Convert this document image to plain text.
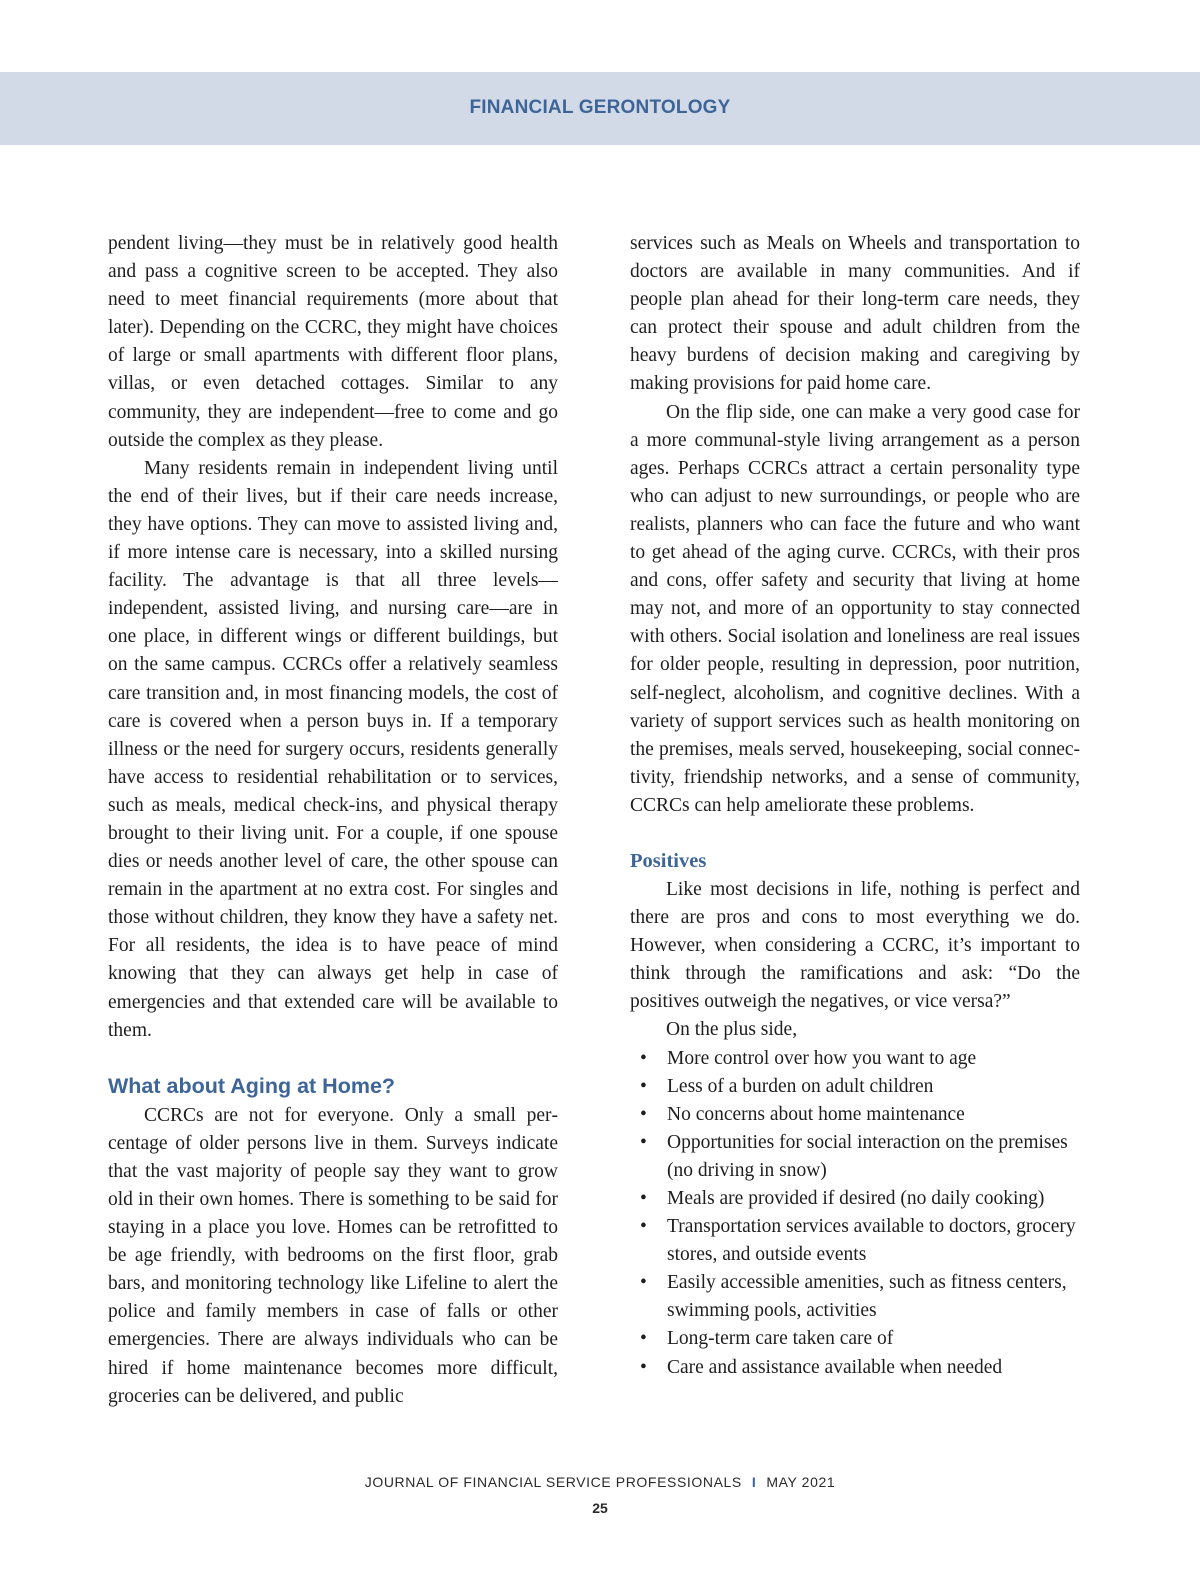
FINANCIAL GERONTOLOGY

pendent living—they must be in relatively good health and pass a cognitive screen to be accepted. They also need to meet financial requirements (more about that later). Depending on the CCRC, they might have choices of large or small apartments with different floor plans, villas, or even detached cottages. Similar to any community, they are independent—free to come and go outside the complex as they please.

Many residents remain in independent living until the end of their lives, but if their care needs increase, they have options. They can move to assisted living and, if more intense care is necessary, into a skilled nursing facility. The advantage is that all three levels—independent, assisted living, and nursing care—are in one place, in different wings or different buildings, but on the same campus. CCRCs offer a relatively seamless care transition and, in most financing models, the cost of care is covered when a person buys in. If a temporary illness or the need for surgery occurs, residents generally have access to residential rehabilitation or to services, such as meals, medical check-ins, and physical therapy brought to their living unit. For a couple, if one spouse dies or needs another level of care, the other spouse can remain in the apartment at no extra cost. For singles and those without children, they know they have a safety net. For all residents, the idea is to have peace of mind knowing that they can always get help in case of emergencies and that extended care will be available to them.

What about Aging at Home?

CCRCs are not for everyone. Only a small percentage of older persons live in them. Surveys indicate that the vast majority of people say they want to grow old in their own homes. There is something to be said for staying in a place you love. Homes can be retrofitted to be age friendly, with bedrooms on the first floor, grab bars, and monitoring technology like Lifeline to alert the police and family members in case of falls or other emergencies. There are always individuals who can be hired if home maintenance becomes more difficult, groceries can be delivered, and public

services such as Meals on Wheels and transportation to doctors are available in many communities. And if people plan ahead for their long-term care needs, they can protect their spouse and adult children from the heavy burdens of decision making and caregiving by making provisions for paid home care.

On the flip side, one can make a very good case for a more communal-style living arrangement as a person ages. Perhaps CCRCs attract a certain personality type who can adjust to new surroundings, or people who are realists, planners who can face the future and who want to get ahead of the aging curve. CCRCs, with their pros and cons, offer safety and security that living at home may not, and more of an opportunity to stay connected with others. Social isolation and loneliness are real issues for older people, resulting in depression, poor nutrition, self-neglect, alcoholism, and cognitive declines. With a variety of support services such as health monitoring on the premises, meals served, housekeeping, social connectivity, friendship networks, and a sense of community, CCRCs can help ameliorate these problems.

Positives

Like most decisions in life, nothing is perfect and there are pros and cons to most everything we do. However, when considering a CCRC, it’s important to think through the ramifications and ask: “Do the positives outweigh the negatives, or vice versa?”

On the plus side,

• More control over how you want to age
• Less of a burden on adult children
• No concerns about home maintenance
• Opportunities for social interaction on the premises (no driving in snow)
• Meals are provided if desired (no daily cooking)
• Transportation services available to doctors, grocery stores, and outside events
• Easily accessible amenities, such as fitness centers, swimming pools, activities
• Long-term care taken care of
• Care and assistance available when needed
JOURNAL OF FINANCIAL SERVICE PROFESSIONALS I MAY 2021
25
